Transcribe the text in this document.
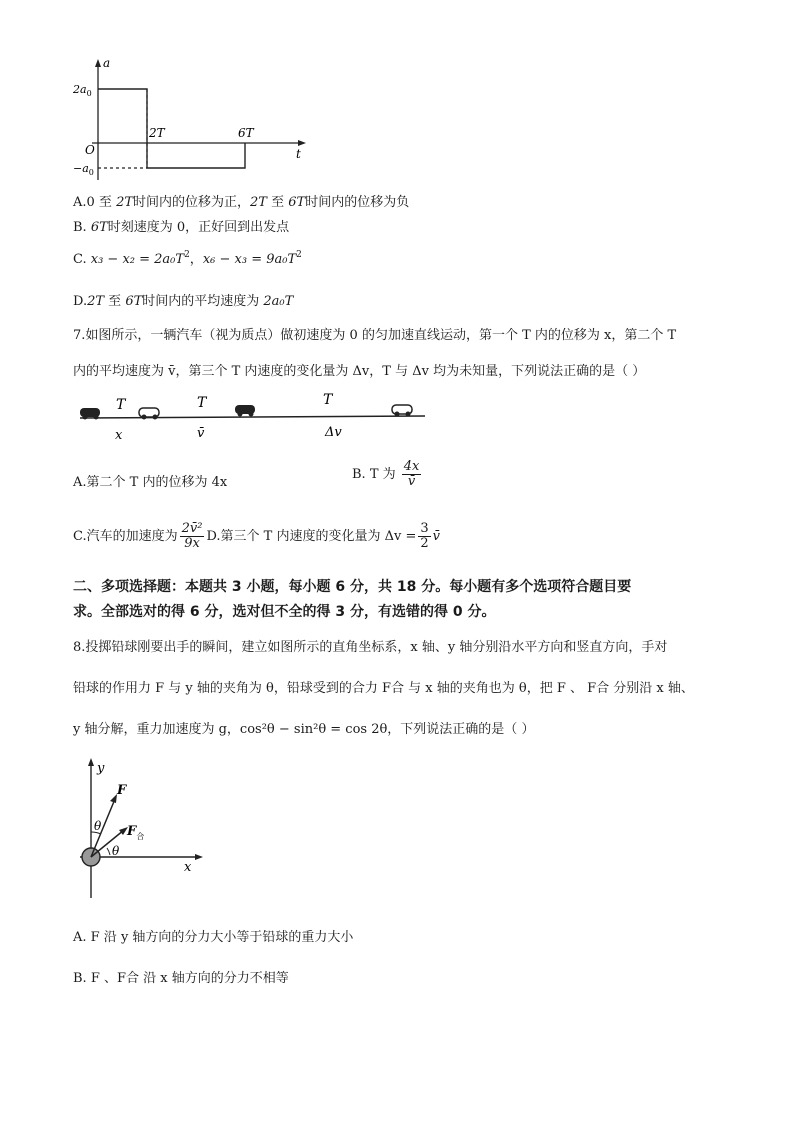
a
t
O
$2a_0$
$-a_0$
2T	6T
A.0 至 2T时间内的位移为正，2T 至 6T时间内的位移为负
B. 6T时刻速度为 0，正好回到出发点
C. $x_3 - x_2 = 2a_0T^2$，$x_6 - x_3 = 9a_0T^2$
D.2T 至 6T时间内的平均速度为 2a₀T
7.如图所示，一辆汽车（视为质点）做初速度为 0 的匀加速直线运动，第一个 T 内的位移为 x，第二个 T
内的平均速度为 v̄，第三个 T 内速度的变化量为 Δv，T 与 Δv 均为未知量，下列说法正确的是（ ）
T	T	T
x	v̄	Δv
A.第二个 T 内的位移为 4x
B. T 为 $\frac{4x}{v̄}$
C.汽车的加速度为 $\frac{\text{2v̄²}}{9x} D$.第三个 T 内速度的变化量为 $\Delta v = \frac{3}{2}$ v̄
二、多项选择题：本题共 3 小题，每小题 6 分，共 18 分。每小题有多个选项符合题目要
求。全部选对的得 6 分，选对但不全的得 3 分，有选错的得 0 分。
8.投掷铅球刚要出手的瞬间，建立如图所示的直角坐标系，x 轴、y 轴分别沿水平方向和竖直方向，手对
铅球的作用力 F 与 y 轴的夹角为 θ，铅球受到的合力 F合 与 x 轴的夹角也为 θ，把 F 、 F合 分别沿 x 轴、
y 轴分解，重力加速度为 g，cos²θ − sin²θ = cos 2θ，下列说法正确的是（ ）
y
x
F
$F_合$
θ
θ
A. F 沿 y 轴方向的分力大小等于铅球的重力大小
B. F 、F合 沿 x 轴方向的分力不相等
